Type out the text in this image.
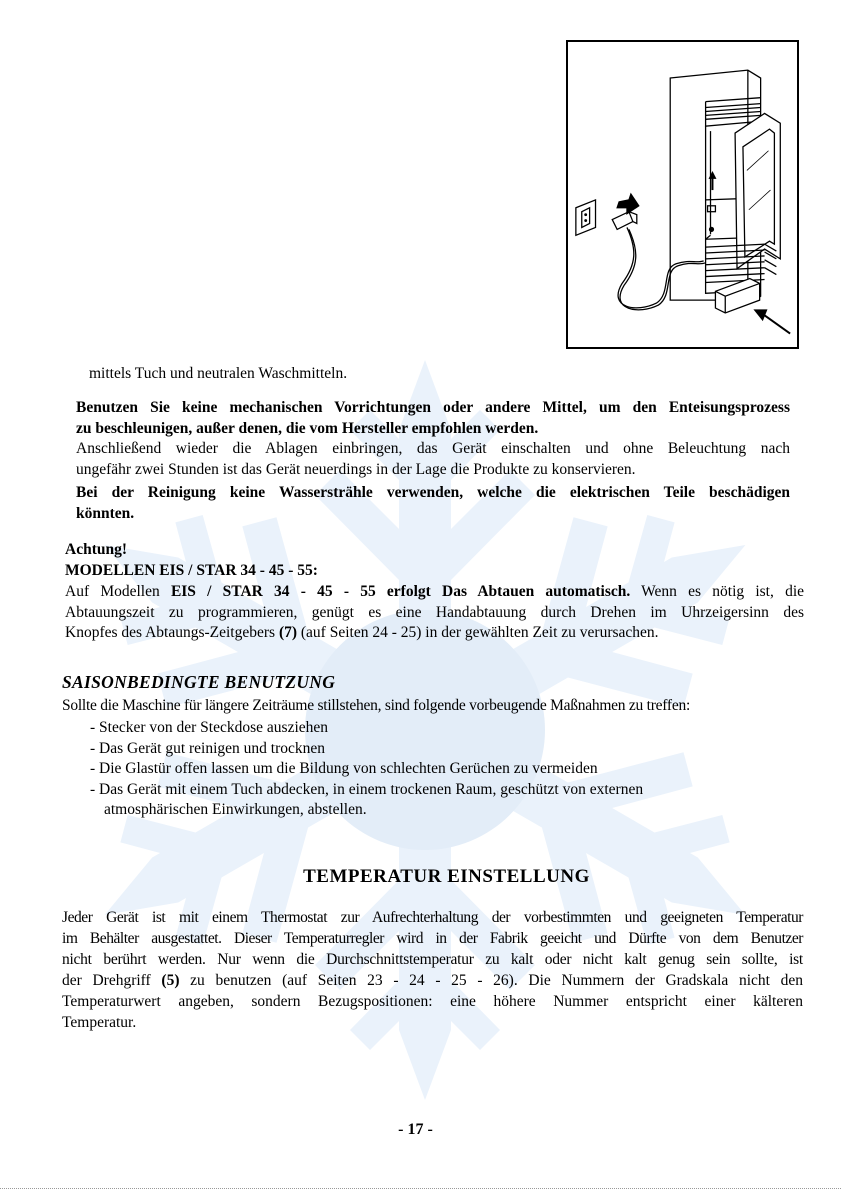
mittels Tuch und neutralen Waschmitteln.
Benutzen Sie keine mechanischen Vorrichtungen oder andere Mittel, um den Enteisungsprozess
zu beschleunigen, außer denen, die vom Hersteller empfohlen werden.
Anschließend wieder die Ablagen einbringen, das Gerät einschalten und ohne Beleuchtung nach
ungefähr zwei Stunden ist das Gerät neuerdings in der Lage die Produkte zu konservieren.
Bei der Reinigung keine Wassersträhle verwenden, welche die elektrischen Teile beschädigen
könnten.
Achtung!
MODELLEN EIS / STAR 34 - 45 - 55:
Auf Modellen EIS / STAR 34 - 45 - 55 erfolgt Das Abtauen automatisch. Wenn es nötig ist, die
Abtauungszeit zu programmieren, genügt es eine Handabtauung durch Drehen im Uhrzeigersinn des
Knopfes des Abtaungs-Zeitgebers (7) (auf Seiten 24 - 25) in der gewählten Zeit zu verursachen.
SAISONBEDINGTE BENUTZUNG
Sollte die Maschine für längere Zeiträume stillstehen, sind folgende vorbeugende Maßnahmen zu treffen:
- Stecker von der Steckdose ausziehen
- Das Gerät gut reinigen und trocknen
- Die Glastür offen lassen um die Bildung von schlechten Gerüchen zu vermeiden
- Das Gerät mit einem Tuch abdecken, in einem trockenen Raum, geschützt von externen
atmosphärischen Einwirkungen, abstellen.
TEMPERATUR EINSTELLUNG
Jeder Gerät ist mit einem Thermostat zur Aufrechterhaltung der vorbestimmten und geeigneten Temperatur
im Behälter ausgestattet. Dieser Temperaturregler wird in der Fabrik geeicht und Dürfte von dem Benutzer
nicht berührt werden. Nur wenn die Durchschnittstemperatur zu kalt oder nicht kalt genug sein sollte, ist
der Drehgriff (5) zu benutzen (auf Seiten 23 - 24 - 25 - 26). Die Nummern der Gradskala nicht den
Temperaturwert angeben, sondern Bezugspositionen: eine höhere Nummer entspricht einer kälteren
Temperatur.
- 17 -
